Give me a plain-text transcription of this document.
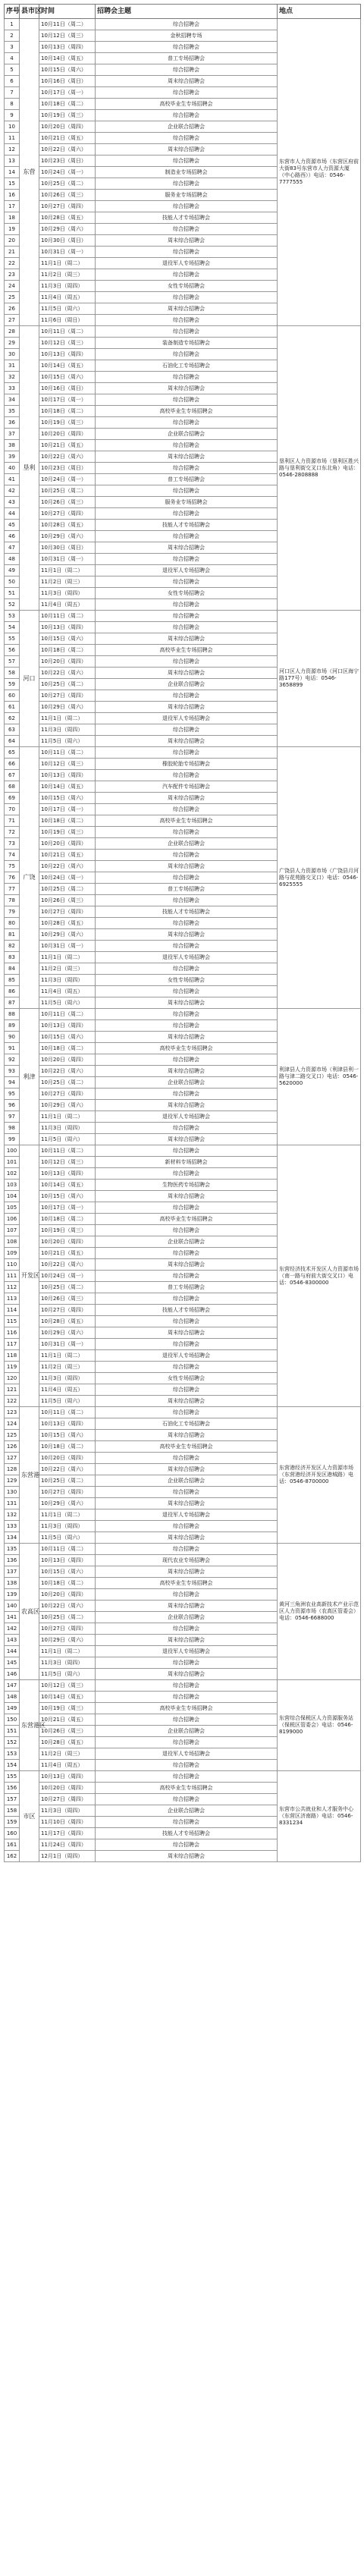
序号	县市区	时间	招聘会主题	地点
1	东营	10月11日（周二）	综合招聘会	东营市人力资源市场（东营区府前大街83号东营市人力资源大厦（中心路西））电话：0546-7777555
2		10月12日（周三）	金秋招聘专场	
3		10月13日（周四）	综合招聘会	
4		10月14日（周五）	普工专场招聘会	
5		10月15日（周六）	综合招聘会	
6		10月16日（周日）	周末综合招聘会	
7		10月17日（周一）	综合招聘会	
8		10月18日（周二）	高校毕业生专场招聘会	
9		10月19日（周三）	综合招聘会	
10		10月20日（周四）	企业联合招聘会	
11		10月21日（周五）	综合招聘会	
12		10月22日（周六）	周末综合招聘会	
13		10月23日（周日）	综合招聘会	
14		10月24日（周一）	制造业专场招聘会	
15		10月25日（周二）	综合招聘会	
16		10月26日（周三）	服务业专场招聘会	
17		10月27日（周四）	综合招聘会	
18		10月28日（周五）	技能人才专场招聘会	
19		10月29日（周六）	综合招聘会	
20		10月30日（周日）	周末综合招聘会	
21		10月31日（周一）	综合招聘会	
22		11月1日（周二）	退役军人专场招聘会	
23		11月2日（周三）	综合招聘会	
24		11月3日（周四）	女性专场招聘会	
25		11月4日（周五）	综合招聘会	
26		11月5日（周六）	周末综合招聘会	
27		11月6日（周日）	综合招聘会	
28	垦利	10月11日（周二）	综合招聘会	垦利区人力资源市场（垦利区胜兴路与垦利街交叉口东北角）电话：0546-2808888
29		10月12日（周三）	装备制造专场招聘会	
30		10月13日（周四）	综合招聘会	
31		10月14日（周五）	石油化工专场招聘会	
32		10月15日（周六）	综合招聘会	
33		10月16日（周日）	周末综合招聘会	
34		10月17日（周一）	综合招聘会	
35		10月18日（周二）	高校毕业生专场招聘会	
36		10月19日（周三）	综合招聘会	
37		10月20日（周四）	企业联合招聘会	
38		10月21日（周五）	综合招聘会	
39		10月22日（周六）	周末综合招聘会	
40		10月23日（周日）	综合招聘会	
41		10月24日（周一）	普工专场招聘会	
42		10月25日（周二）	综合招聘会	
43		10月26日（周三）	服务业专场招聘会	
44		10月27日（周四）	综合招聘会	
45		10月28日（周五）	技能人才专场招聘会	
46		10月29日（周六）	综合招聘会	
47		10月30日（周日）	周末综合招聘会	
48		10月31日（周一）	综合招聘会	
49		11月1日（周二）	退役军人专场招聘会	
50		11月2日（周三）	综合招聘会	
51		11月3日（周四）	女性专场招聘会	
52		11月4日（周五）	综合招聘会	
53	河口	10月11日（周二）	综合招聘会	河口区人力资源市场（河口区海宁路177号）电话：0546-3658899
54		10月13日（周四）	综合招聘会	
55		10月15日（周六）	周末综合招聘会	
56		10月18日（周二）	高校毕业生专场招聘会	
57		10月20日（周四）	综合招聘会	
58		10月22日（周六）	周末综合招聘会	
59		10月25日（周二）	企业联合招聘会	
60		10月27日（周四）	综合招聘会	
61		10月29日（周六）	周末综合招聘会	
62		11月1日（周二）	退役军人专场招聘会	
63		11月3日（周四）	综合招聘会	
64		11月5日（周六）	周末综合招聘会	
65	广饶	10月11日（周二）	综合招聘会	广饶县人力资源市场（广饶县月河路与花苑路交叉口）电话：0546-6925555
66		10月12日（周三）	橡胶轮胎专场招聘会	
67		10月13日（周四）	综合招聘会	
68		10月14日（周五）	汽车配件专场招聘会	
69		10月15日（周六）	周末综合招聘会	
70		10月17日（周一）	综合招聘会	
71		10月18日（周二）	高校毕业生专场招聘会	
72		10月19日（周三）	综合招聘会	
73		10月20日（周四）	企业联合招聘会	
74		10月21日（周五）	综合招聘会	
75		10月22日（周六）	周末综合招聘会	
76		10月24日（周一）	综合招聘会	
77		10月25日（周二）	普工专场招聘会	
78		10月26日（周三）	综合招聘会	
79		10月27日（周四）	技能人才专场招聘会	
80		10月28日（周五）	综合招聘会	
81		10月29日（周六）	周末综合招聘会	
82		10月31日（周一）	综合招聘会	
83		11月1日（周二）	退役军人专场招聘会	
84		11月2日（周三）	综合招聘会	
85		11月3日（周四）	女性专场招聘会	
86		11月4日（周五）	综合招聘会	
87		11月5日（周六）	周末综合招聘会	
88	利津	10月11日（周二）	综合招聘会	利津县人力资源市场（利津县利一路与津二路交叉口）电话：0546-5620000
89		10月13日（周四）	综合招聘会	
90		10月15日（周六）	周末综合招聘会	
91		10月18日（周二）	高校毕业生专场招聘会	
92		10月20日（周四）	综合招聘会	
93		10月22日（周六）	周末综合招聘会	
94		10月25日（周二）	企业联合招聘会	
95		10月27日（周四）	综合招聘会	
96		10月29日（周六）	周末综合招聘会	
97		11月1日（周二）	退役军人专场招聘会	
98		11月3日（周四）	综合招聘会	
99		11月5日（周六）	周末综合招聘会	
100	开发区	10月11日（周二）	综合招聘会	东营经济技术开发区人力资源市场（南一路与府前大街交叉口）电话：0546-8300000
101		10月12日（周三）	新材料专场招聘会	
102		10月13日（周四）	综合招聘会	
103		10月14日（周五）	生物医药专场招聘会	
104		10月15日（周六）	周末综合招聘会	
105		10月17日（周一）	综合招聘会	
106		10月18日（周二）	高校毕业生专场招聘会	
107		10月19日（周三）	综合招聘会	
108		10月20日（周四）	企业联合招聘会	
109		10月21日（周五）	综合招聘会	
110		10月22日（周六）	周末综合招聘会	
111		10月24日（周一）	综合招聘会	
112		10月25日（周二）	普工专场招聘会	
113		10月26日（周三）	综合招聘会	
114		10月27日（周四）	技能人才专场招聘会	
115		10月28日（周五）	综合招聘会	
116		10月29日（周六）	周末综合招聘会	
117		10月31日（周一）	综合招聘会	
118		11月1日（周二）	退役军人专场招聘会	
119		11月2日（周三）	综合招聘会	
120		11月3日（周四）	女性专场招聘会	
121		11月4日（周五）	综合招聘会	
122		11月5日（周六）	周末综合招聘会	
123	东营港	10月11日（周二）	综合招聘会	东营港经济开发区人力资源市场（东营港经济开发区港城路）电话：0546-8700000
124		10月13日（周四）	石油化工专场招聘会	
125		10月15日（周六）	周末综合招聘会	
126		10月18日（周二）	高校毕业生专场招聘会	
127		10月20日（周四）	综合招聘会	
128		10月22日（周六）	周末综合招聘会	
129		10月25日（周二）	企业联合招聘会	
130		10月27日（周四）	综合招聘会	
131		10月29日（周六）	周末综合招聘会	
132		11月1日（周二）	退役军人专场招聘会	
133		11月3日（周四）	综合招聘会	
134		11月5日（周六）	周末综合招聘会	
135	农高区	10月11日（周二）	综合招聘会	黄河三角洲农业高新技术产业示范区人力资源市场（农高区管委会）电话：0546-6688000
136		10月13日（周四）	现代农业专场招聘会	
137		10月15日（周六）	周末综合招聘会	
138		10月18日（周二）	高校毕业生专场招聘会	
139		10月20日（周四）	综合招聘会	
140		10月22日（周六）	周末综合招聘会	
141		10月25日（周二）	企业联合招聘会	
142		10月27日（周四）	综合招聘会	
143		10月29日（周六）	周末综合招聘会	
144		11月1日（周二）	退役军人专场招聘会	
145		11月3日（周四）	综合招聘会	
146		11月5日（周六）	周末综合招聘会	
147	东营港区	10月12日（周三）	综合招聘会	东营综合保税区人力资源服务站（保税区管委会）电话：0546-8199000
148		10月14日（周五）	综合招聘会	
149		10月19日（周三）	高校毕业生专场招聘会	
150		10月21日（周五）	综合招聘会	
151		10月26日（周三）	企业联合招聘会	
152		10月28日（周五）	综合招聘会	
153		11月2日（周三）	退役军人专场招聘会	
154		11月4日（周五）	综合招聘会	
155	市区	10月13日（周四）	综合招聘会	东营市公共就业和人才服务中心（东营区济南路）电话：0546-8331234
156		10月20日（周四）	高校毕业生专场招聘会	
157		10月27日（周四）	综合招聘会	
158		11月3日（周四）	企业联合招聘会	
159		11月10日（周四）	综合招聘会	
160		11月17日（周四）	技能人才专场招聘会	
161		11月24日（周四）	综合招聘会	
162		12月1日（周四）	周末综合招聘会	
